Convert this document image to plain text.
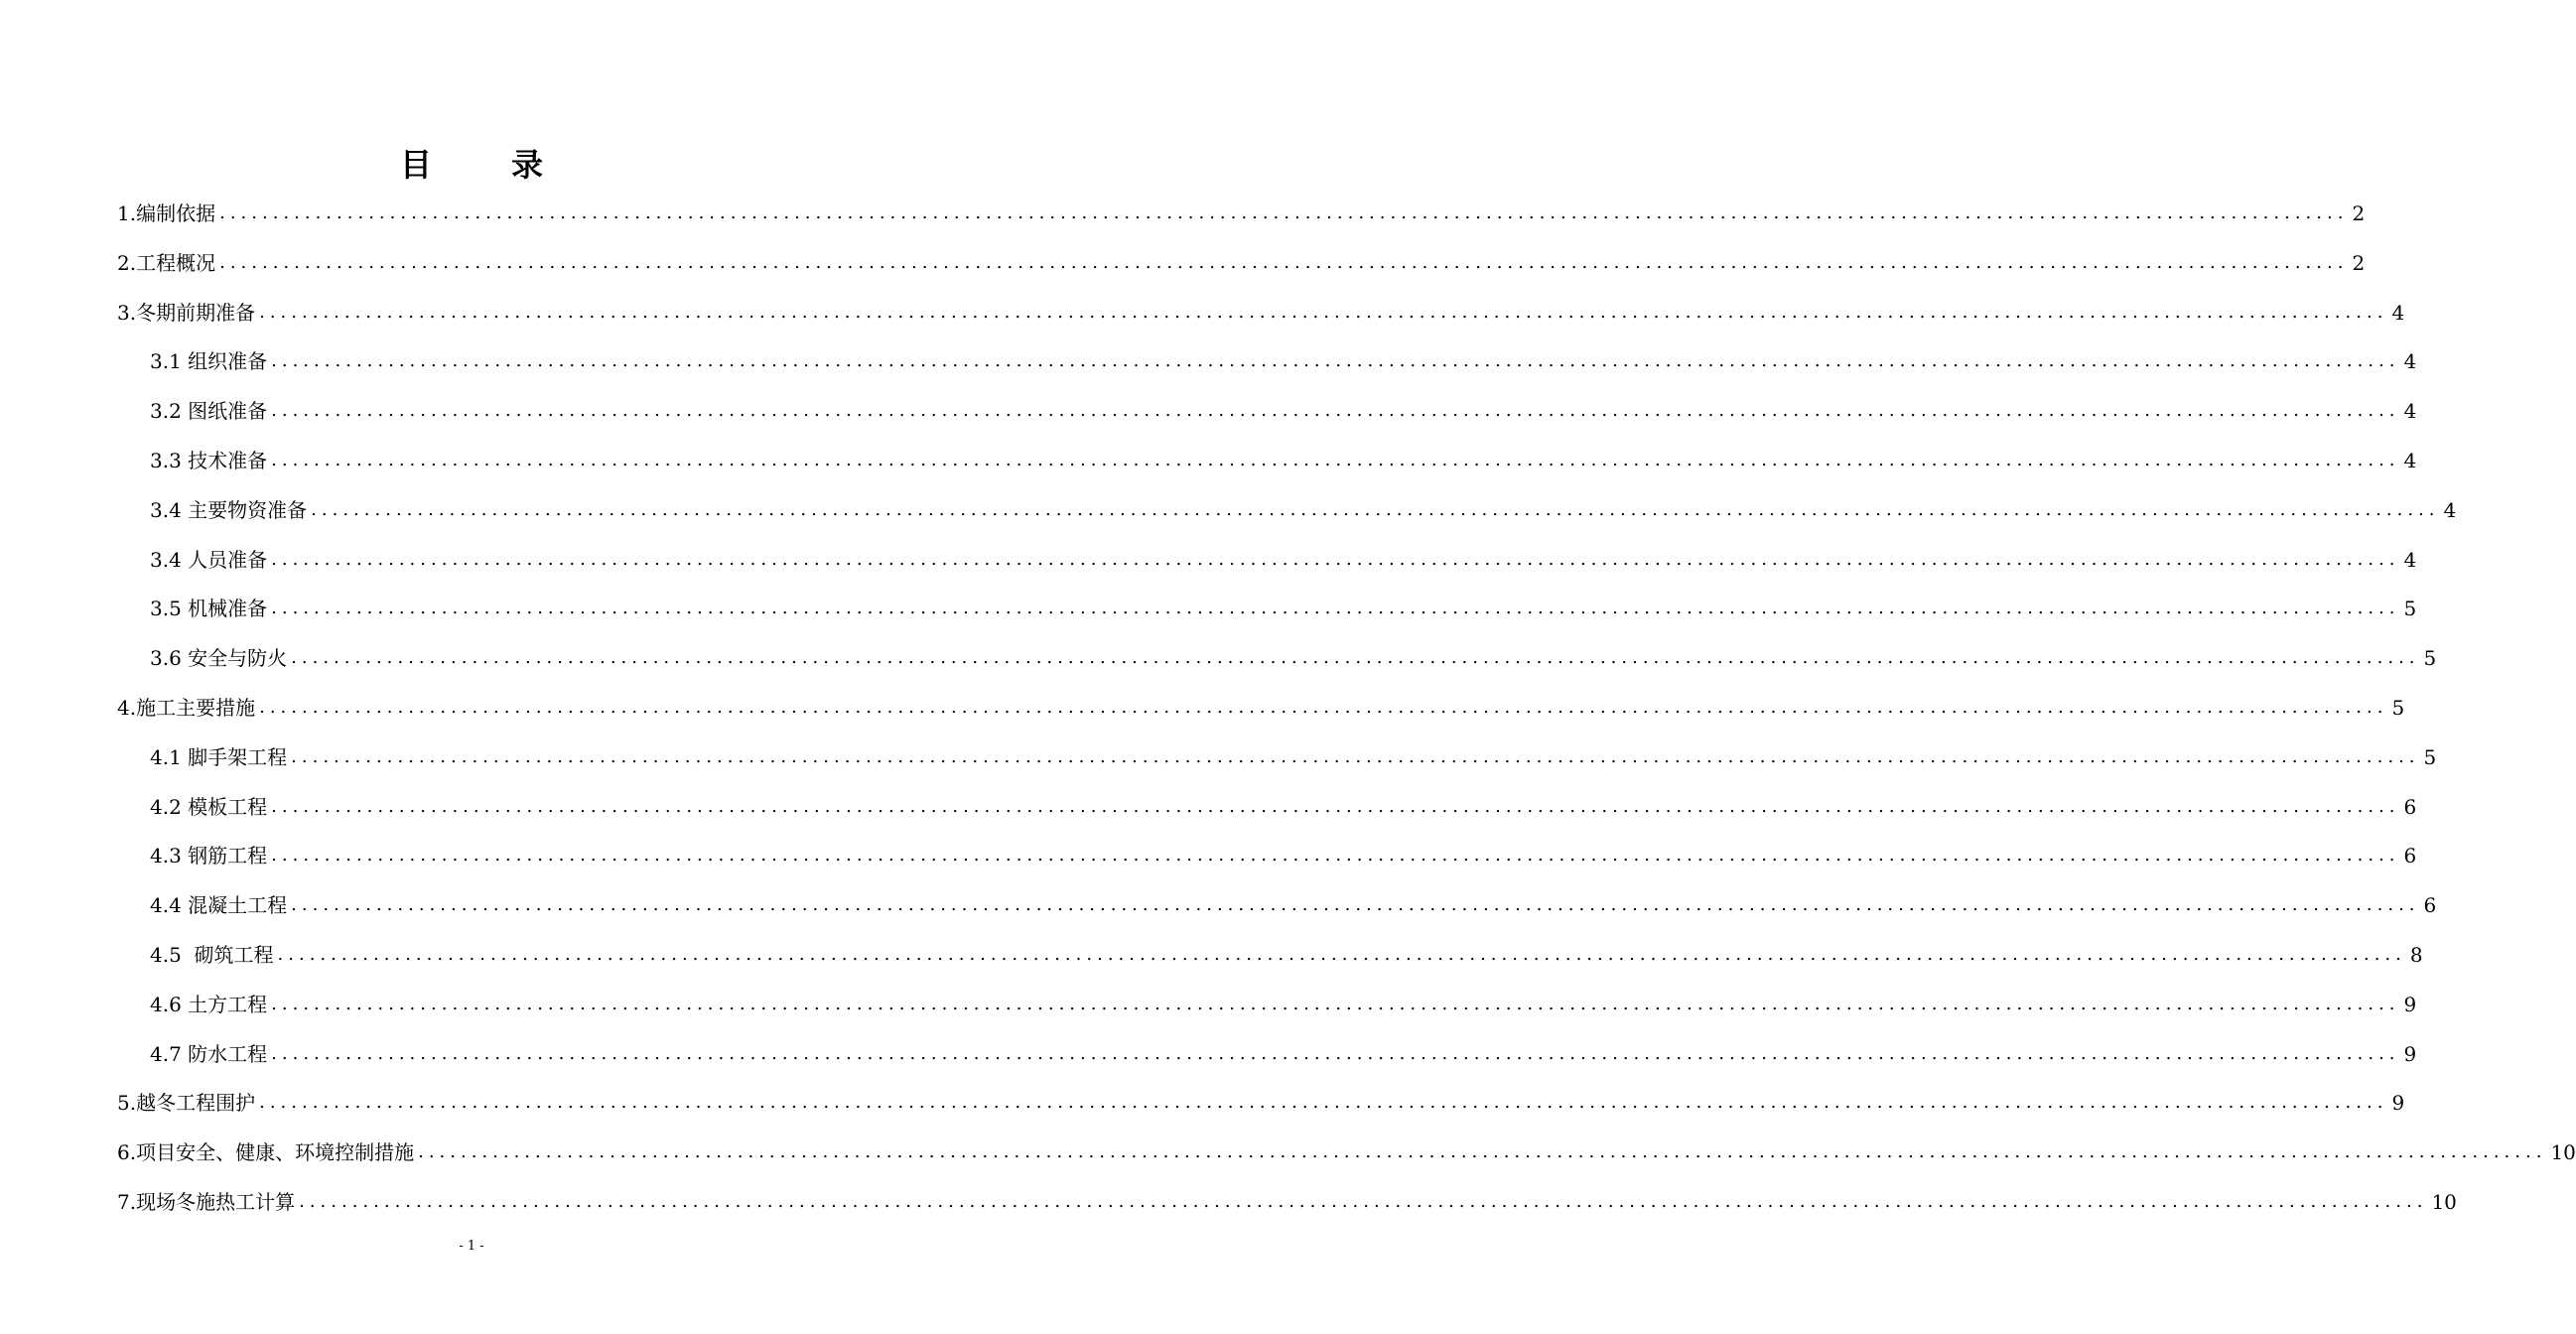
目	录
1.编制依据 ........................................................................................................................................................................................................ 2
2.工程概况 ........................................................................................................................................................................................................ 2
3.冬期前期准备 ........................................................................................................................................................................................................ 4
3.1 组织准备 ........................................................................................................................................................................................................ 4
3.2 图纸准备 ........................................................................................................................................................................................................ 4
3.3 技术准备 ........................................................................................................................................................................................................ 4
3.4 主要物资准备 ........................................................................................................................................................................................................ 4
3.4 人员准备 ........................................................................................................................................................................................................ 4
3.5 机械准备 ........................................................................................................................................................................................................ 5
3.6 安全与防火 ........................................................................................................................................................................................................ 5
4.施工主要措施 ........................................................................................................................................................................................................ 5
4.1 脚手架工程 ........................................................................................................................................................................................................ 5
4.2 模板工程 ........................................................................................................................................................................................................ 6
4.3 钢筋工程 ........................................................................................................................................................................................................ 6
4.4 混凝土工程 ........................................................................................................................................................................................................ 6
4.5  砌筑工程 ........................................................................................................................................................................................................ 8
4.6 土方工程 ........................................................................................................................................................................................................ 9
4.7 防水工程 ........................................................................................................................................................................................................ 9
5.越冬工程围护 ........................................................................................................................................................................................................ 9
6.项目安全、健康、环境控制措施 ........................................................................................................................................................................................................ 10
7.现场冬施热工计算 ........................................................................................................................................................................................................ 10
- 1 -
